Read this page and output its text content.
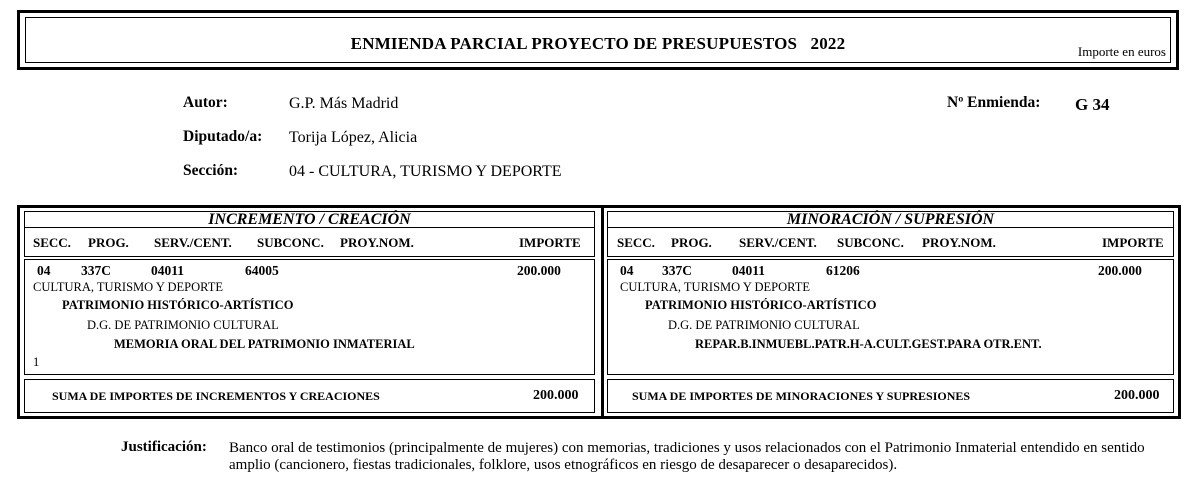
ENMIENDA PARCIAL PROYECTO DE PRESUPUESTOS   2022	Importe en euros
Autor:	G.P. Más Madrid
Diputado/a: Torija López, Alicia
Sección:	04 - CULTURA, TURISMO Y DEPORTE
Nº Enmienda: G 34
INCREMENTO / CREACIÓN
SECC. PROG. SERV./CENT. SUBCONC. PROY.NOM.	IMPORTE
04 337C	04011	64005	200.000
CULTURA, TURISMO Y DEPORTE
PATRIMONIO HISTÓRICO-ARTÍSTICO
D.G. DE PATRIMONIO CULTURAL
MEMORIA ORAL DEL PATRIMONIO INMATERIAL
1
SUMA DE IMPORTES DE INCREMENTOS Y CREACIONES	200.000
MINORACIÓN / SUPRESIÓN
SECC. PROG. SERV./CENT. SUBCONC. PROY.NOM.	IMPORTE
04 337C	04011	61206	200.000
CULTURA, TURISMO Y DEPORTE
PATRIMONIO HISTÓRICO-ARTÍSTICO
D.G. DE PATRIMONIO CULTURAL
REPAR.B.INMUEBL.PATR.H-A.CULT.GEST.PARA OTR.ENT.
SUMA DE IMPORTES DE MINORACIONES Y SUPRESIONES	200.000
Justificación: Banco oral de testimonios (principalmente de mujeres) con memorias, tradiciones y usos relacionados con el Patrimonio Inmaterial entendido en sentido amplio (cancionero, fiestas tradicionales, folklore, usos etnográficos en riesgo de desaparecer o desaparecidos).
